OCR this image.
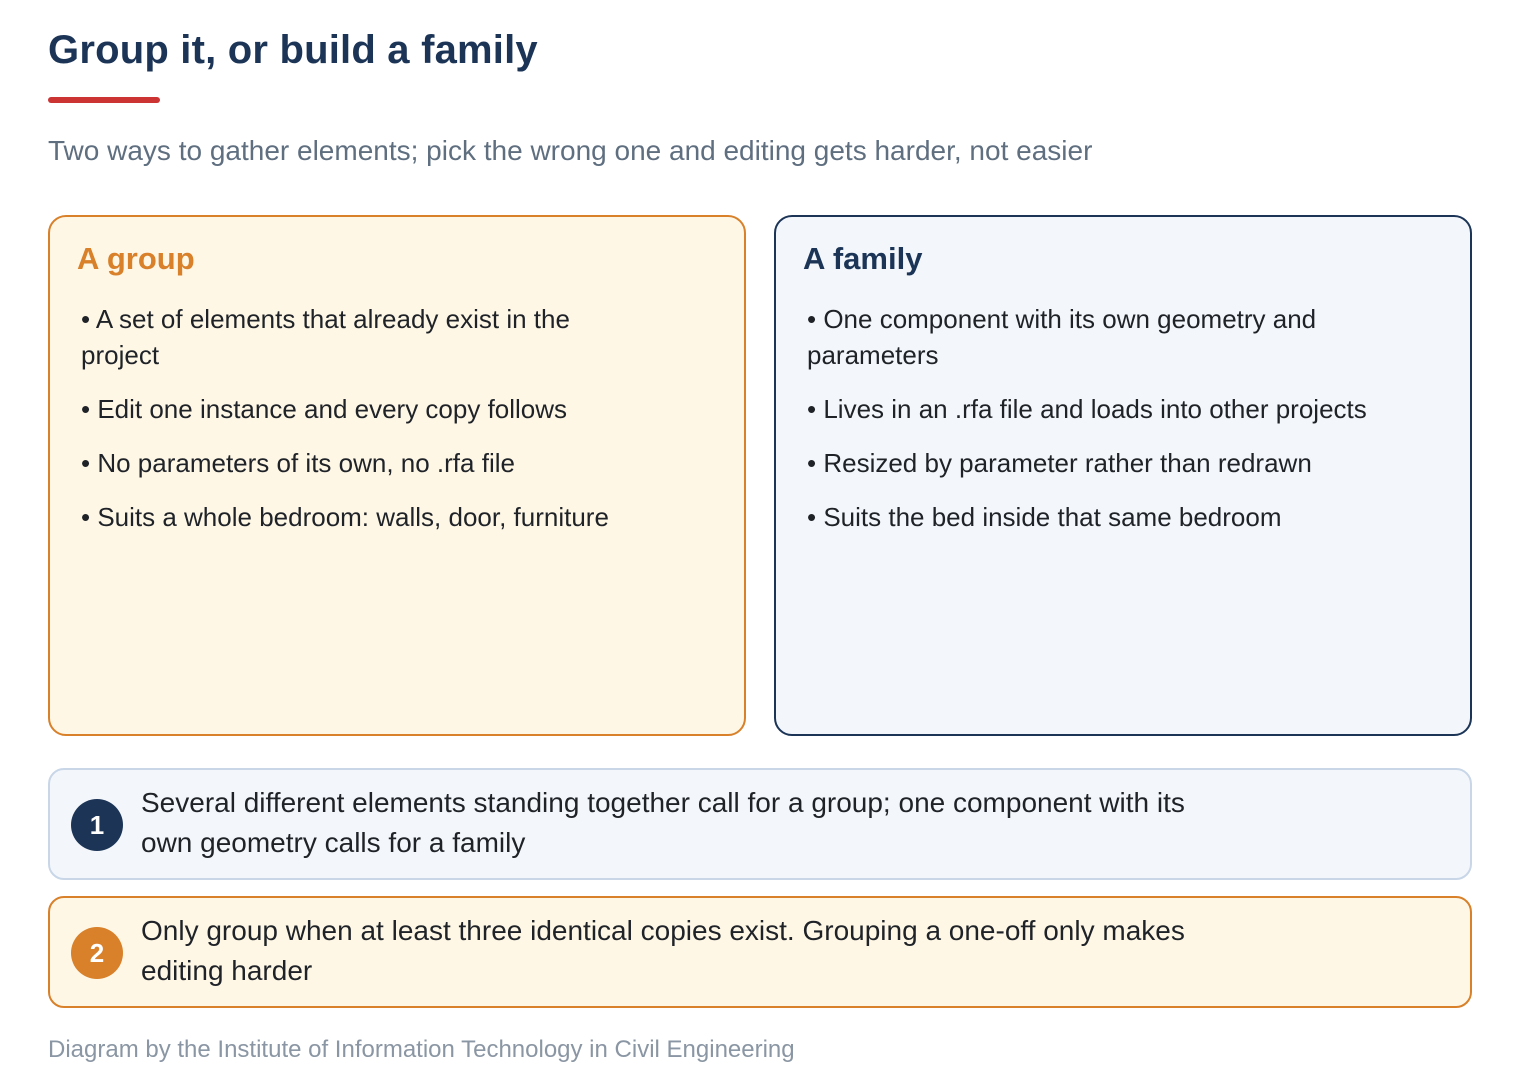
Group it, or build a family
Two ways to gather elements; pick the wrong one and editing gets harder, not easier
A group
• A set of elements that already exist in the project
• Edit one instance and every copy follows
• No parameters of its own, no .rfa file
• Suits a whole bedroom: walls, door, furniture
A family
• One component with its own geometry and parameters
• Lives in an .rfa file and loads into other projects
• Resized by parameter rather than redrawn
• Suits the bed inside that same bedroom
1
Several different elements standing together call for a group; one component with its own geometry calls for a family
2
Only group when at least three identical copies exist. Grouping a one-off only makes editing harder
Diagram by the Institute of Information Technology in Civil Engineering
